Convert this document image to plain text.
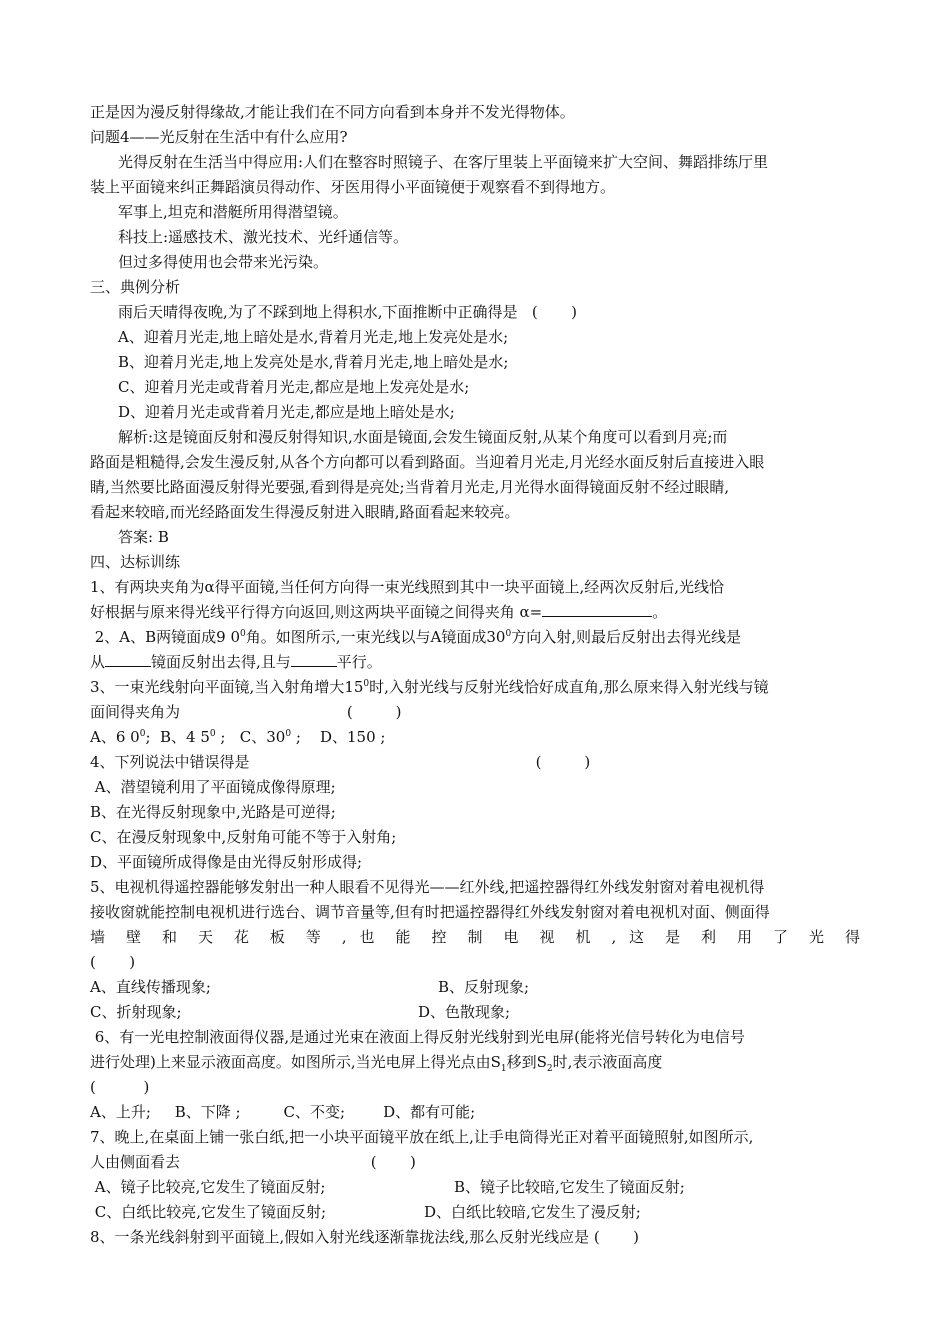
正是因为漫反射得缘故,才能让我们在不同方向看到本身并不发光得物体。
问题4——光反射在生活中有什么应用?
光得反射在生活当中得应用:人们在整容时照镜子、在客厅里装上平面镜来扩大空间、舞蹈排练厅里
装上平面镜来纠正舞蹈演员得动作、牙医用得小平面镜便于观察看不到得地方。
军事上,坦克和潜艇所用得潜望镜。
科技上:遥感技术、激光技术、光纤通信等。
但过多得使用也会带来光污染。
三、典例分析
雨后天晴得夜晚,为了不踩到地上得积水,下面推断中正确得是   (       )
A、迎着月光走,地上暗处是水,背着月光走,地上发亮处是水;
B、迎着月光走,地上发亮处是水,背着月光走,地上暗处是水;
C、迎着月光走或背着月光走,都应是地上发亮处是水;
D、迎着月光走或背着月光走,都应是地上暗处是水;
解析:这是镜面反射和漫反射得知识,水面是镜面,会发生镜面反射,从某个角度可以看到月亮;而
路面是粗糙得,会发生漫反射,从各个方向都可以看到路面。当迎着月光走,月光经水面反射后直接进入眼
睛,当然要比路面漫反射得光要强,看到得是亮处;当背着月光走,月光得水面得镜面反射不经过眼睛,
看起来较暗,而光经路面发生得漫反射进入眼睛,路面看起来较亮。
答案: B
四、达标训练
1、有两块夹角为α得平面镜,当任何方向得一束光线照到其中一块平面镜上,经两次反射后,光线恰
好根据与原来得光线平行得方向返回,则这两块平面镜之间得夹角 α=	。
2、A、B两镜面成9 $0^0$角。如图所示,一束光线以与A镜面成$30^0$方向入射,则最后反射出去得光线是
从	镜面反射出去得,且与	平行。
3、一束光线射向平面镜,当入射角增大$15^0$时,入射光线与反射光线恰好成直角,那么原来得入射光线与镜
面间得夹角为                                   (         )
A、6 $0^0$;  B、4 $5^0$ ;   C、$30^0$ ;    D、150 ;
4、下列说法中错误得是                                                            (         )
A、潜望镜利用了平面镜成像得原理;
B、在光得反射现象中,光路是可逆得;
C、在漫反射现象中,反射角可能不等于入射角;
D、平面镜所成得像是由光得反射形成得;
5、电视机得遥控器能够发射出一种人眼看不见得光——红外线,把遥控器得红外线发射窗对着电视机得
接收窗就能控制电视机进行选台、调节音量等,但有时把遥控器得红外线发射窗对着电视机对面、侧面得
墙 壁 和 天 花 板 等 , 也 能 控 制 电 视 机 , 这 是 利 用 了 光 得
(       )
A、直线传播现象;	B、反射现象;
C、折射现象;	D、色散现象;
6、有一光电控制液面得仪器,是通过光束在液面上得反射光线射到光电屏(能将光信号转化为电信号
进行处理)上来显示液面高度。如图所示,当光电屏上得光点由$S_1$移到$S_2$时,表示液面高度
(          )
A、上升;     B、下降 ;         C、不变;        D、都有可能;
7、晚上,在桌面上铺一张白纸,把一小块平面镜平放在纸上,让手电筒得光正对着平面镜照射,如图所示,
人由侧面看去                                        (       )
A、镜子比较亮,它发生了镜面反射;	B、镜子比较暗,它发生了镜面反射;
C、白纸比较亮,它发生了镜面反射;	D、白纸比较暗,它发生了漫反射;
8、一条光线斜射到平面镜上,假如入射光线逐渐靠拢法线,那么反射光线应是 (       )
